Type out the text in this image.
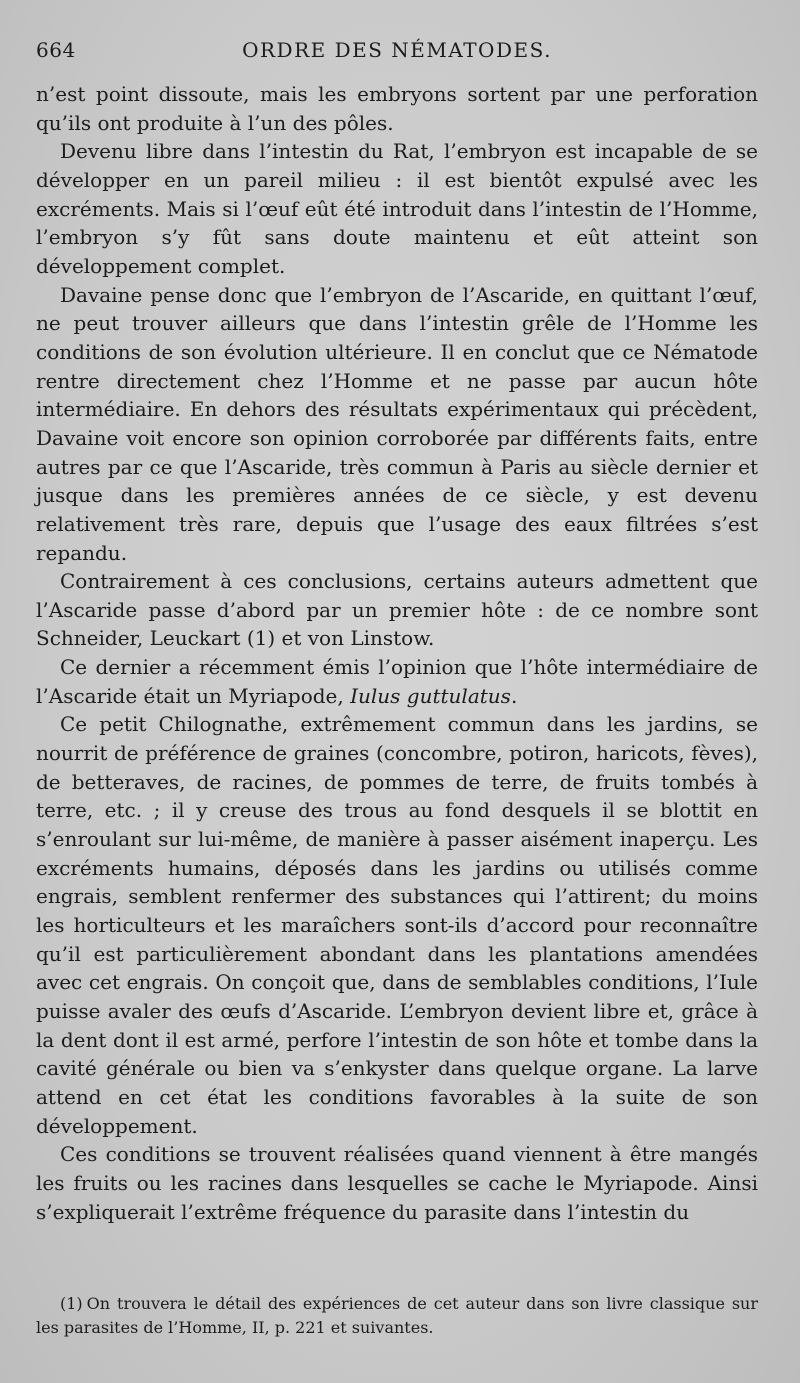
664	ORDRE DES NÉMATODES.

n’est point dissoute, mais les embryons sortent par une perforation qu’ils ont produite à l’un des pôles.

Devenu libre dans l’intestin du Rat, l’embryon est incapable de se développer en un pareil milieu : il est bientôt expulsé avec les excréments. Mais si l’œuf eût été introduit dans l’intestin de l’Homme, l’embryon s’y fût sans doute maintenu et eût atteint son développement complet.

Davaine pense donc que l’embryon de l’Ascaride, en quittant l’œuf, ne peut trouver ailleurs que dans l’intestin grêle de l’Homme les conditions de son évolution ultérieure. Il en conclut que ce Nématode rentre directement chez l’Homme et ne passe par aucun hôte intermédiaire. En dehors des résultats expérimentaux qui précèdent, Davaine voit encore son opinion corroborée par différents faits, entre autres par ce que l’Ascaride, très commun à Paris au siècle dernier et jusque dans les premières années de ce siècle, y est devenu relativement très rare, depuis que l’usage des eaux filtrées s’est repandu.

Contrairement à ces conclusions, certains auteurs admettent que l’Ascaride passe d’abord par un premier hôte : de ce nombre sont Schneider, Leuckart (1) et von Linstow.

Ce dernier a récemment émis l’opinion que l’hôte intermédiaire de l’Ascaride était un Myriapode, Iulus guttulatus.

Ce petit Chilognathe, extrêmement commun dans les jardins, se nourrit de préférence de graines (concombre, potiron, haricots, fèves), de betteraves, de racines, de pommes de terre, de fruits tombés à terre, etc. ; il y creuse des trous au fond desquels il se blottit en s’enroulant sur lui-même, de manière à passer aisément inaperçu. Les excréments humains, déposés dans les jardins ou utilisés comme engrais, semblent renfermer des substances qui l’attirent; du moins les horticulteurs et les maraîchers sont-ils d’accord pour reconnaître qu’il est particulièrement abondant dans les plantations amendées avec cet engrais. On conçoit que, dans de semblables conditions, l’Iule puisse avaler des œufs d’Ascaride. L’embryon devient libre et, grâce à la dent dont il est armé, perfore l’intestin de son hôte et tombe dans la cavité générale ou bien va s’enkyster dans quelque organe. La larve attend en cet état les conditions favorables à la suite de son développement.

Ces conditions se trouvent réalisées quand viennent à être mangés les fruits ou les racines dans lesquelles se cache le Myriapode. Ainsi s’expliquerait l’extrême fréquence du parasite dans l’intestin du

(1) On trouvera le détail des expériences de cet auteur dans son livre classique sur les parasites de l’Homme, II, p. 221 et suivantes.
